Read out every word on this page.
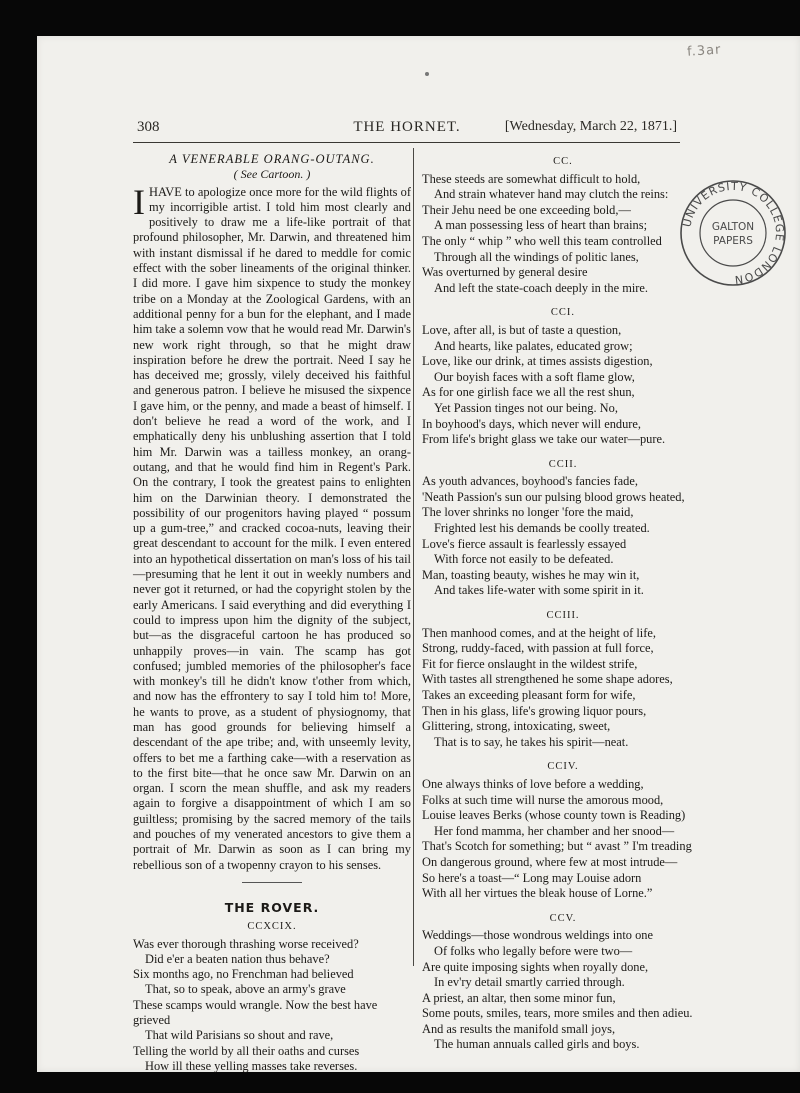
f.3ar
UNIVERSITY COLLEGE LONDON
GALTON
PAPERS
308	THE HORNET.	[Wednesday, March 22, 1871.]
A VENERABLE ORANG-OUTANG.
( See Cartoon. )

I HAVE to apologize once more for the wild flights of my incorrigible artist. I told him most clearly and positively to draw me a life-like portrait of that profound philosopher, Mr. Darwin, and threatened him with instant dismissal if he dared to meddle for comic effect with the sober lineaments of the original thinker. I did more. I gave him sixpence to study the monkey tribe on a Monday at the Zoological Gardens, with an additional penny for a bun for the elephant, and I made him take a solemn vow that he would read Mr. Darwin's new work right through, so that he might draw inspiration before he drew the portrait. Need I say he has deceived me; grossly, vilely deceived his faithful and generous patron. I believe he misused the sixpence I gave him, or the penny, and made a beast of himself. I don't believe he read a word of the work, and I emphatically deny his unblushing assertion that I told him Mr. Darwin was a tailless monkey, an orang-outang, and that he would find him in Regent's Park. On the contrary, I took the greatest pains to enlighten him on the Darwinian theory. I demonstrated the possibility of our progenitors having played “ possum up a gum-tree,” and cracked cocoa-nuts, leaving their great descendant to account for the milk. I even entered into an hypothetical dissertation on man's loss of his tail—presuming that he lent it out in weekly numbers and never got it returned, or had the copyright stolen by the early Americans. I said everything and did everything I could to impress upon him the dignity of the subject, but—as the disgraceful cartoon he has produced so unhappily proves—in vain. The scamp has got confused; jumbled memories of the philosopher's face with monkey's till he didn't know t'other from which, and now has the effrontery to say I told him to! More, he wants to prove, as a student of physiognomy, that man has good grounds for believing himself a descendant of the ape tribe; and, with unseemly levity, offers to bet me a farthing cake—with a reservation as to the first bite—that he once saw Mr. Darwin on an organ. I scorn the mean shuffle, and ask my readers again to forgive a disappointment of which I am so guiltless; promising by the sacred memory of the tails and pouches of my venerated ancestors to give them a portrait of Mr. Darwin as soon as I can bring my rebellious son of a twopenny crayon to his senses.

THE ROVER.
CCXCIX.
Was ever thorough thrashing worse received?
Did e'er a beaten nation thus behave?
Six months ago, no Frenchman had believed
That, so to speak, above an army's grave
These scamps would wrangle. Now the best have grieved
That wild Parisians so shout and rave,
Telling the world by all their oaths and curses
How ill these yelling masses take reverses.
CC.
These steeds are somewhat difficult to hold,
And strain whatever hand may clutch the reins:
Their Jehu need be one exceeding bold,—
A man possessing less of heart than brains;
The only “ whip ” who well this team controlled
Through all the windings of politic lanes,
Was overturned by general desire
And left the state-coach deeply in the mire.
CCI.
Love, after all, is but of taste a question,
And hearts, like palates, educated grow;
Love, like our drink, at times assists digestion,
Our boyish faces with a soft flame glow,
As for one girlish face we all the rest shun,
Yet Passion tinges not our being. No,
In boyhood's days, which never will endure,
From life's bright glass we take our water—pure.
CCII.
As youth advances, boyhood's fancies fade,
'Neath Passion's sun our pulsing blood grows heated,
The lover shrinks no longer 'fore the maid,
Frighted lest his demands be coolly treated.
Love's fierce assault is fearlessly essayed
With force not easily to be defeated.
Man, toasting beauty, wishes he may win it,
And takes life-water with some spirit in it.
CCIII.
Then manhood comes, and at the height of life,
Strong, ruddy-faced, with passion at full force,
Fit for fierce onslaught in the wildest strife,
With tastes all strengthened he some shape adores,
Takes an exceeding pleasant form for wife,
Then in his glass, life's growing liquor pours,
Glittering, strong, intoxicating, sweet,
That is to say, he takes his spirit—neat.
CCIV.
One always thinks of love before a wedding,
Folks at such time will nurse the amorous mood,
Louise leaves Berks (whose county town is Reading)
Her fond mamma, her chamber and her snood—
That's Scotch for something; but “ avast ” I'm treading
On dangerous ground, where few at most intrude—
So here's a toast—“ Long may Louise adorn
With all her virtues the bleak house of Lorne.”
CCV.
Weddings—those wondrous weldings into one
Of folks who legally before were two—
Are quite imposing sights when royally done,
In ev'ry detail smartly carried through.
A priest, an altar, then some minor fun,
Some pouts, smiles, tears, more smiles and then adieu.
And as results the manifold small joys,
The human annuals called girls and boys.
